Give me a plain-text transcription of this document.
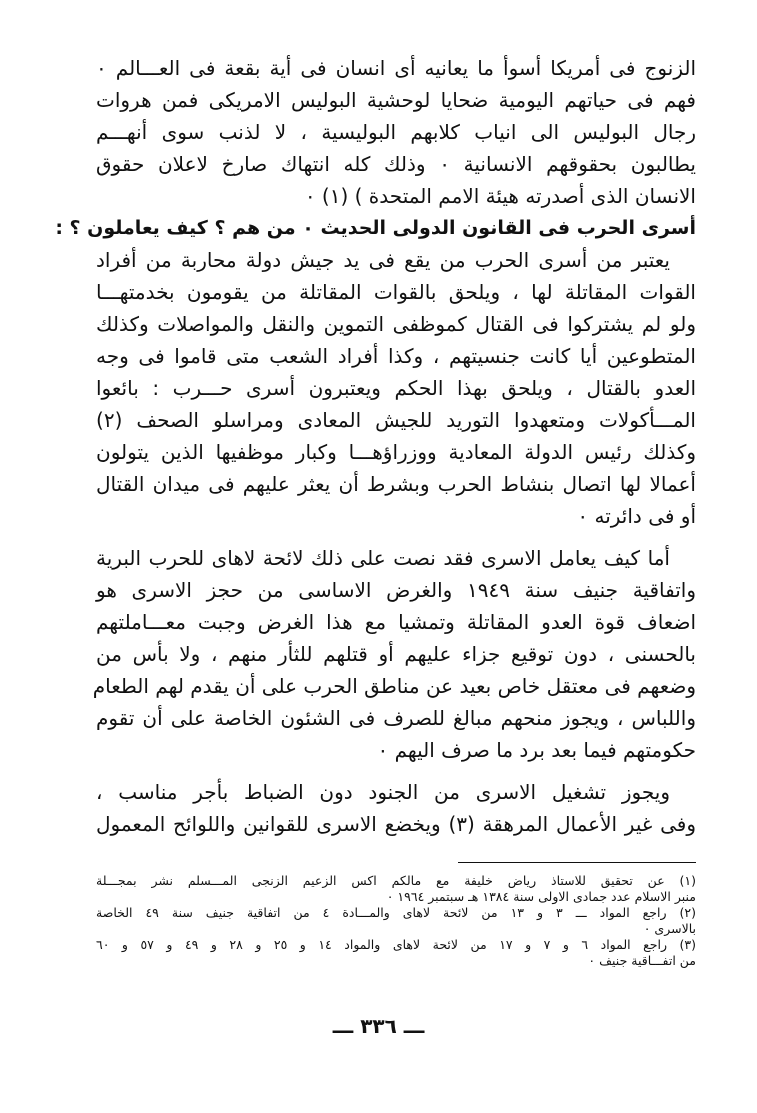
الزنوج فى أمريكا أسوأ ما يعانيه أى انسان فى أية بقعة فى العـــالم ٠
فهم فى حياتهم اليومية ضحايا لوحشية البوليس الامريكى فمن هروات
رجال البوليس الى انياب كلابهم البوليسية ، لا لذنب سوى أنهـــم
يطالبون بحقوقهم الانسانية ٠ وذلك كله انتهاك صارخ لاعلان حقوق
الانسان الذى أصدرته هيئة الامم المتحدة ) (١) ٠
أسرى الحرب فى القانون الدولى الحديث ٠ من هم ؟ كيف يعاملون ؟ :
يعتبر من أسرى الحرب من يقع فى يد جيش دولة محاربة من أفراد
القوات المقاتلة لها ، ويلحق بالقوات المقاتلة من يقومون بخدمتهـــا
ولو لم يشتركوا فى القتال كموظفى التموين والنقل والمواصلات وكذلك
المتطوعين أيا كانت جنسيتهم ، وكذا أفراد الشعب متى قاموا فى وجه
العدو بالقتال ، ويلحق بهذا الحكم ويعتبرون أسرى حـــرب : بائعوا
المـــأكولات ومتعهدوا التوريد للجيش المعادى ومراسلو الصحف (٢)
وكذلك رئيس الدولة المعادية ووزراؤهـــا وكبار موظفيها الذين يتولون
أعمالا لها اتصال بنشاط الحرب وبشرط أن يعثر عليهم فى ميدان القتال
أو فى دائرته ٠
أما كيف يعامل الاسرى فقد نصت على ذلك لائحة لاهاى للحرب البرية
واتفاقية جنيف سنة ١٩٤٩ والغرض الاساسى من حجز الاسرى هو
اضعاف قوة العدو المقاتلة وتمشيا مع هذا الغرض وجبت معـــاملتهم
بالحسنى ، دون توقيع جزاء عليهم أو قتلهم للثأر منهم ، ولا بأس من
وضعهم فى معتقل خاص بعيد عن مناطق الحرب على أن يقدم لهم الطعام
واللباس ، ويجوز منحهم مبالغ للصرف فى الشئون الخاصة على أن تقوم
حكومتهم فيما بعد برد ما صرف اليهم ٠
ويجوز تشغيل الاسرى من الجنود دون الضباط بأجر مناسب ،
وفى غير الأعمال المرهقة (٣) ويخضع الاسرى للقوانين واللوائح المعمول
(١) عن تحقيق للاستاذ رياض خليفة مع مالكم اكس الزعيم الزنجى المـــسلم نشر بمجـــلة
منبر الاسلام عدد جمادى الاولى سنة ١٣٨٤ هـ سبتمبر ١٩٦٤ ٠
(٢) راجع المواد ـــ ٣ و ١٣ من لائحة لاهاى والمـــادة ٤ من اتفاقية جنيف سنة ٤٩ الخاصة
بالاسرى ٠
(٣) راجع المواد ٦ و ٧ و ١٧ من لائحة لاهاى والمواد ١٤ و ٢٥ و ٢٨ و ٤٩ و ٥٧ و ٦٠
من اتفـــاقية جنيف ٠
ـــ ٣٣٦ ـــ
